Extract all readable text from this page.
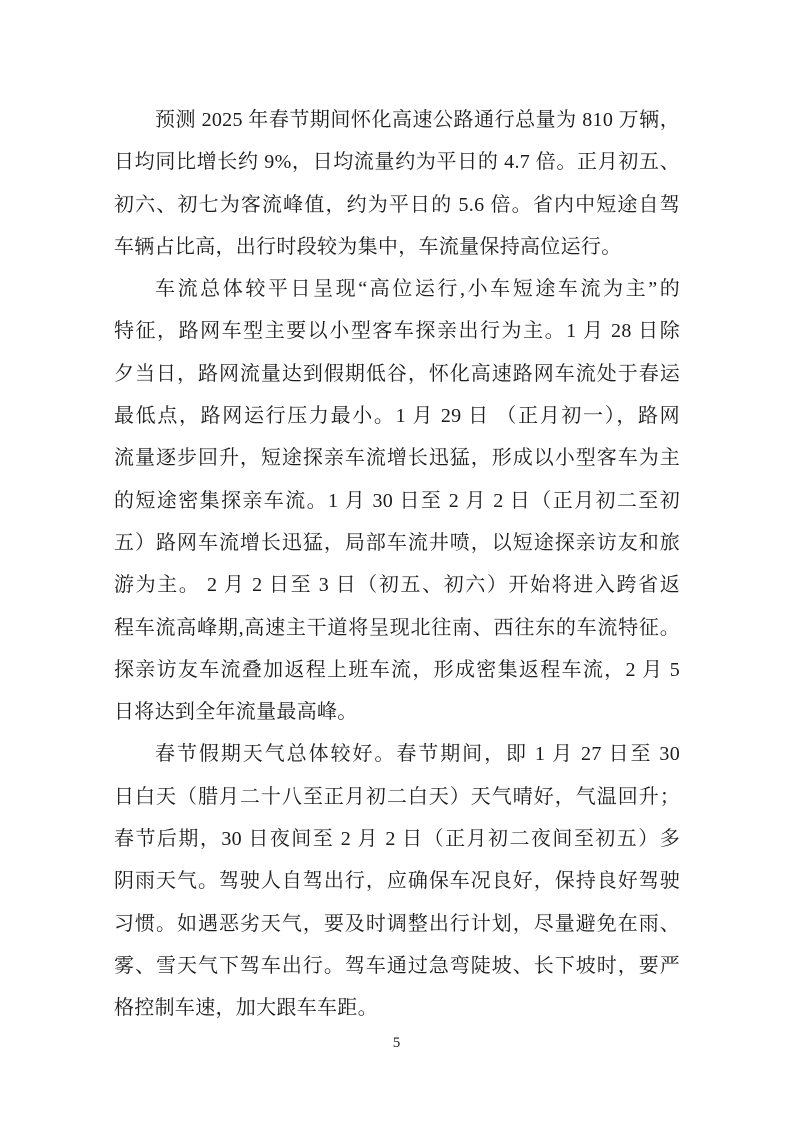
预测 2025 年春节期间怀化高速公路通行总量为 810 万辆，
日均同比增长约 9%，日均流量约为平日的 4.7 倍。正月初五、
初六、初七为客流峰值，约为平日的 5.6 倍。省内中短途自驾
车辆占比高，出行时段较为集中，车流量保持高位运行。

车流总体较平日呈现“高位运行,小车短途车流为主”的
特征，路网车型主要以小型客车探亲出行为主。1 月 28 日除
夕当日，路网流量达到假期低谷，怀化高速路网车流处于春运
最低点，路网运行压力最小。1 月 29 日 （正月初一），路网
流量逐步回升，短途探亲车流增长迅猛，形成以小型客车为主
的短途密集探亲车流。1 月 30 日至 2 月 2 日（正月初二至初
五）路网车流增长迅猛，局部车流井喷，以短途探亲访友和旅
游为主。 2 月 2 日至 3 日（初五、初六）开始将进入跨省返
程车流高峰期,高速主干道将呈现北往南、西往东的车流特征。
探亲访友车流叠加返程上班车流，形成密集返程车流，2 月 5
日将达到全年流量最高峰。

春节假期天气总体较好。春节期间，即 1 月 27 日至 30
日白天（腊月二十八至正月初二白天）天气晴好，气温回升；
春节后期，30 日夜间至 2 月 2 日（正月初二夜间至初五）多
阴雨天气。驾驶人自驾出行，应确保车况良好，保持良好驾驶
习惯。如遇恶劣天气，要及时调整出行计划，尽量避免在雨、
雾、雪天气下驾车出行。驾车通过急弯陡坡、长下坡时，要严
格控制车速，加大跟车车距。

5
